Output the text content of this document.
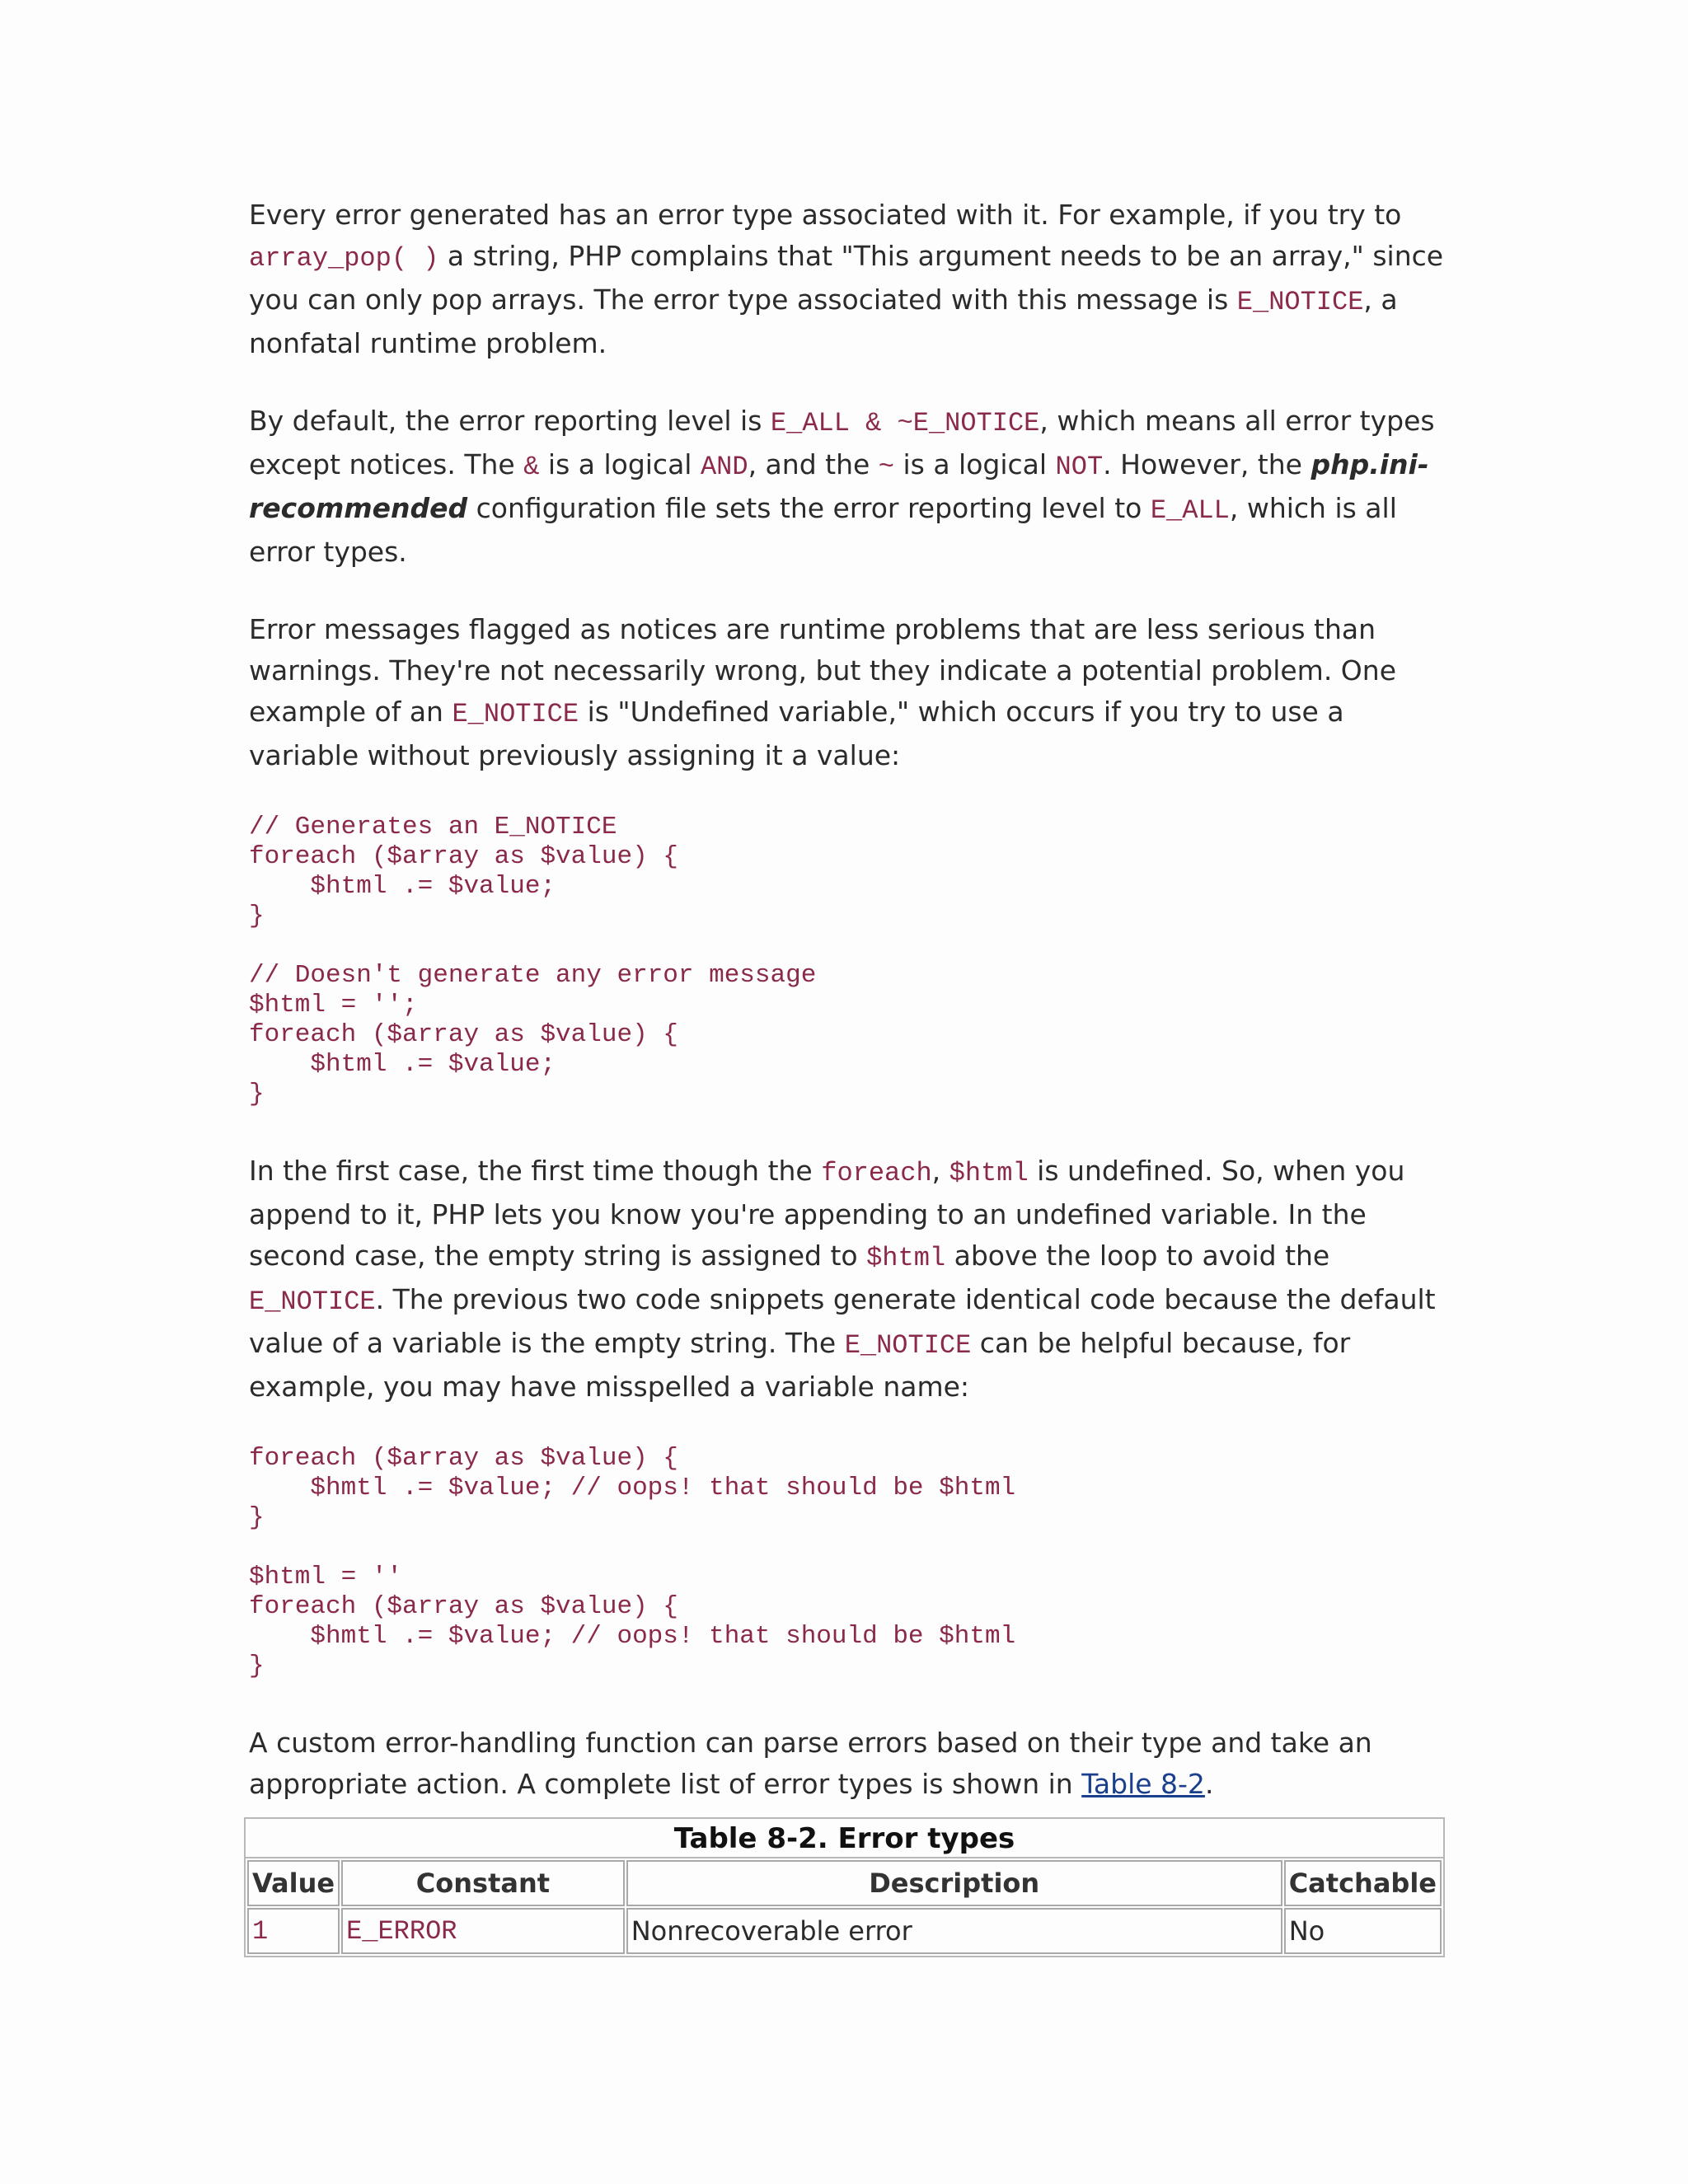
Every error generated has an error type associated with it. For example, if you try to array_pop( ) a string, PHP complains that "This argument needs to be an array," since you can only pop arrays. The error type associated with this message is E_NOTICE, a nonfatal runtime problem.

By default, the error reporting level is E_ALL & ~E_NOTICE, which means all error types except notices. The & is a logical AND, and the ~ is a logical NOT. However, the php.ini-recommended configuration file sets the error reporting level to E_ALL, which is all error types.

Error messages flagged as notices are runtime problems that are less serious than warnings. They're not necessarily wrong, but they indicate a potential problem. One example of an E_NOTICE is "Undefined variable," which occurs if you try to use a variable without previously assigning it a value:

// Generates an E_NOTICE
foreach ($array as $value) {
$html .= $value;
}
// Doesn't generate any error message
$html = '';
foreach ($array as $value) {
$html .= $value;
}

In the first case, the first time though the foreach, $html is undefined. So, when you append to it, PHP lets you know you're appending to an undefined variable. In the second case, the empty string is assigned to $html above the loop to avoid the E_NOTICE. The previous two code snippets generate identical code because the default value of a variable is the empty string. The E_NOTICE can be helpful because, for example, you may have misspelled a variable name:

foreach ($array as $value) {
$hmtl .= $value; // oops! that should be $html
}
$html = ''
foreach ($array as $value) {
$hmtl .= $value; // oops! that should be $html
}

A custom error-handling function can parse errors based on their type and take an appropriate action. A complete list of error types is shown in Table 8-2.

Table 8-2. Error types
Value	Constant	Description	Catchable
1	E_ERROR	Nonrecoverable error	No
